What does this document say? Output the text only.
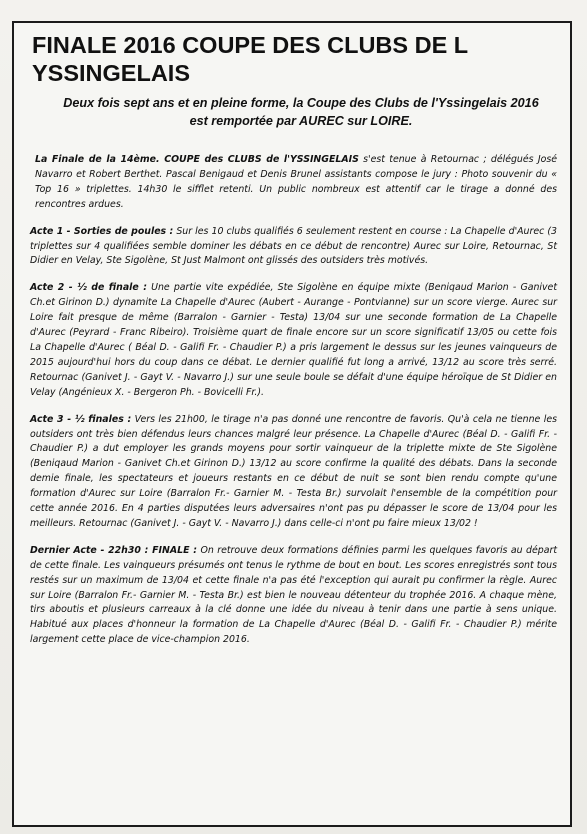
FINALE 2016 COUPE DES CLUBS DE L YSSINGELAIS

Deux fois sept ans et en pleine forme, la Coupe des Clubs de l'Yssingelais 2016 est remportée par AUREC sur LOIRE.

La Finale de la 14ème. COUPE des CLUBS de l'YSSINGELAIS s'est tenue à Retournac ; délégués José Navarro et Robert Berthet. Pascal Benigaud et Denis Brunel assistants compose le jury : Photo souvenir du « Top 16 » triplettes. 14h30 le sifflet retenti. Un public nombreux est attentif car le tirage a donné des rencontres ardues.

Acte 1 - Sorties de poules : Sur les 10 clubs qualifiés 6 seulement restent en course : La Chapelle d'Aurec (3 triplettes sur 4 qualifiées semble dominer les débats en ce début de rencontre) Aurec sur Loire, Retournac, St Didier en Velay, Ste Sigolène, St Just Malmont ont glissés des outsiders très motivés.

Acte 2 - ½ de finale : Une partie vite expédiée, Ste Sigolène en équipe mixte (Beniqaud Marion - Ganivet Ch.et Girinon D.) dynamite La Chapelle d'Aurec (Aubert - Aurange - Pontvianne) sur un score vierge. Aurec sur Loire fait presque de même (Barralon - Garnier - Testa) 13/04 sur une seconde formation de La Chapelle d'Aurec (Peyrard - Franc Ribeiro). Troisième quart de finale encore sur un score significatif 13/05 ou cette fois La Chapelle d'Aurec ( Béal D. - Galifi Fr. - Chaudier P.) a pris largement le dessus sur les jeunes vainqueurs de 2015 aujourd'hui hors du coup dans ce débat. Le dernier qualifié fut long a arrivé, 13/12 au score très serré. Retournac (Ganivet J. - Gayt V. - Navarro J.) sur une seule boule se défait d'une équipe héroïque de St Didier en Velay (Angénieux X. - Bergeron Ph. - Bovicelli Fr.).

Acte 3 - ½ finales : Vers les 21h00, le tirage n'a pas donné une rencontre de favoris. Qu'à cela ne tienne les outsiders ont très bien défendus leurs chances malgré leur présence. La Chapelle d'Aurec (Béal D. - Galifi Fr. - Chaudier P.) a dut employer les grands moyens pour sortir vainqueur de la triplette mixte de Ste Sigolène (Beniqaud Marion - Ganivet Ch.et Girinon D.) 13/12 au score confirme la qualité des débats. Dans la seconde demie finale, les spectateurs et joueurs restants en ce début de nuit se sont bien rendu compte qu'une formation d'Aurec sur Loire (Barralon Fr.- Garnier M. - Testa Br.) survolait l'ensemble de la compétition pour cette année 2016. En 4 parties disputées leurs adversaires n'ont pas pu dépasser le score de 13/04 pour les meilleurs. Retournac (Ganivet J. - Gayt V. - Navarro J.) dans celle-ci n'ont pu faire mieux 13/02 !

Dernier Acte - 22h30 : FINALE : On retrouve deux formations définies parmi les quelques favoris au départ de cette finale. Les vainqueurs présumés ont tenus le rythme de bout en bout. Les scores enregistrés sont tous restés sur un maximum de 13/04 et cette finale n'a pas été l'exception qui aurait pu confirmer la règle. Aurec sur Loire (Barralon Fr.- Garnier M. - Testa Br.) est bien le nouveau détenteur du trophée 2016. A chaque mène, tirs aboutis et plusieurs carreaux à la clé donne une idée du niveau à tenir dans une partie à sens unique. Habitué aux places d'honneur la formation de La Chapelle d'Aurec (Béal D. - Galifi Fr. - Chaudier P.) mérite largement cette place de vice-champion 2016.
